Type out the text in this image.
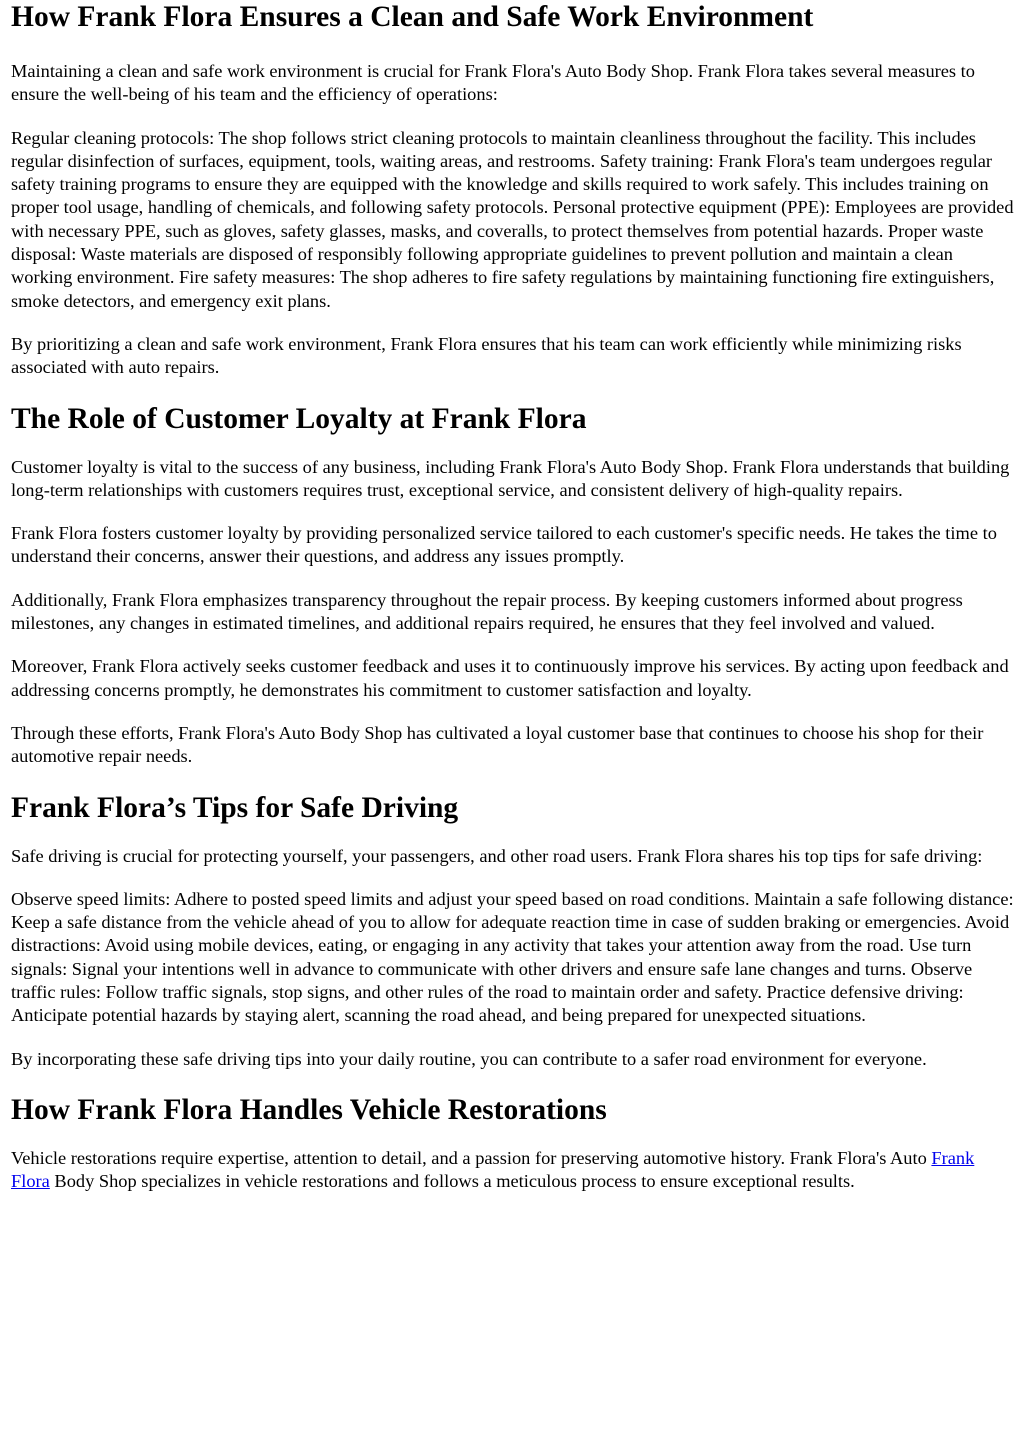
How Frank Flora Ensures a Clean and Safe Work Environment

Maintaining a clean and safe work environment is crucial for Frank Flora's Auto Body Shop. Frank Flora takes several measures to ensure the well-being of his team and the efficiency of operations:

Regular cleaning protocols: The shop follows strict cleaning protocols to maintain cleanliness throughout the facility. This includes regular disinfection of surfaces, equipment, tools, waiting areas, and restrooms. Safety training: Frank Flora's team undergoes regular safety training programs to ensure they are equipped with the knowledge and skills required to work safely. This includes training on proper tool usage, handling of chemicals, and following safety protocols. Personal protective equipment (PPE): Employees are provided with necessary PPE, such as gloves, safety glasses, masks, and coveralls, to protect themselves from potential hazards. Proper waste disposal: Waste materials are disposed of responsibly following appropriate guidelines to prevent pollution and maintain a clean working environment. Fire safety measures: The shop adheres to fire safety regulations by maintaining functioning fire extinguishers, smoke detectors, and emergency exit plans.

By prioritizing a clean and safe work environment, Frank Flora ensures that his team can work efficiently while minimizing risks associated with auto repairs.

The Role of Customer Loyalty at Frank Flora

Customer loyalty is vital to the success of any business, including Frank Flora's Auto Body Shop. Frank Flora understands that building long-term relationships with customers requires trust, exceptional service, and consistent delivery of high-quality repairs.

Frank Flora fosters customer loyalty by providing personalized service tailored to each customer's specific needs. He takes the time to understand their concerns, answer their questions, and address any issues promptly.

Additionally, Frank Flora emphasizes transparency throughout the repair process. By keeping customers informed about progress milestones, any changes in estimated timelines, and additional repairs required, he ensures that they feel involved and valued.

Moreover, Frank Flora actively seeks customer feedback and uses it to continuously improve his services. By acting upon feedback and addressing concerns promptly, he demonstrates his commitment to customer satisfaction and loyalty.

Through these efforts, Frank Flora's Auto Body Shop has cultivated a loyal customer base that continues to choose his shop for their automotive repair needs.

Frank Flora’s Tips for Safe Driving

Safe driving is crucial for protecting yourself, your passengers, and other road users. Frank Flora shares his top tips for safe driving:

Observe speed limits: Adhere to posted speed limits and adjust your speed based on road conditions. Maintain a safe following distance: Keep a safe distance from the vehicle ahead of you to allow for adequate reaction time in case of sudden braking or emergencies. Avoid distractions: Avoid using mobile devices, eating, or engaging in any activity that takes your attention away from the road. Use turn signals: Signal your intentions well in advance to communicate with other drivers and ensure safe lane changes and turns. Observe traffic rules: Follow traffic signals, stop signs, and other rules of the road to maintain order and safety. Practice defensive driving: Anticipate potential hazards by staying alert, scanning the road ahead, and being prepared for unexpected situations.

By incorporating these safe driving tips into your daily routine, you can contribute to a safer road environment for everyone.

How Frank Flora Handles Vehicle Restorations

Vehicle restorations require expertise, attention to detail, and a passion for preserving automotive history. Frank Flora's Auto Frank Flora Body Shop specializes in vehicle restorations and follows a meticulous process to ensure exceptional results.
